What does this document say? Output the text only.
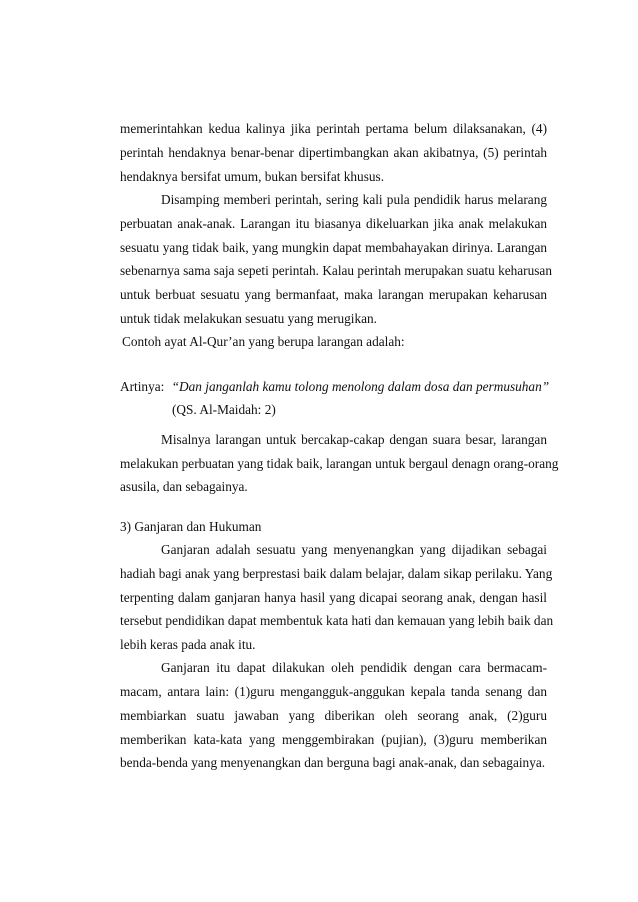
memerintahkan kedua kalinya jika perintah pertama belum dilaksanakan, (4)
perintah hendaknya benar-benar dipertimbangkan akan akibatnya, (5) perintah
hendaknya bersifat umum, bukan bersifat khusus.
Disamping memberi perintah, sering kali pula pendidik harus melarang
perbuatan anak-anak. Larangan itu biasanya dikeluarkan jika anak melakukan
sesuatu yang tidak baik, yang mungkin dapat membahayakan dirinya. Larangan
sebenarnya sama saja sepeti perintah. Kalau perintah merupakan suatu keharusan
untuk berbuat sesuatu yang bermanfaat, maka larangan merupakan keharusan
untuk tidak melakukan sesuatu yang merugikan.
Contoh ayat Al-Qur’an yang berupa larangan adalah:
Artinya: “Dan janganlah kamu tolong menolong dalam dosa dan permusuhan”
(QS. Al-Maidah: 2)
Misalnya larangan untuk bercakap-cakap dengan suara besar, larangan
melakukan perbuatan yang tidak baik, larangan untuk bergaul denagn orang-orang
asusila, dan sebagainya.
3) Ganjaran dan Hukuman
Ganjaran adalah sesuatu yang menyenangkan yang dijadikan sebagai
hadiah bagi anak yang berprestasi baik dalam belajar, dalam sikap perilaku. Yang
terpenting dalam ganjaran hanya hasil yang dicapai seorang anak, dengan hasil
tersebut pendidikan dapat membentuk kata hati dan kemauan yang lebih baik dan
lebih keras pada anak itu.
Ganjaran itu dapat dilakukan oleh pendidik dengan cara bermacam-
macam, antara lain: (1)guru mengangguk-anggukan kepala tanda senang dan
membiarkan suatu jawaban yang diberikan oleh seorang anak, (2)guru
memberikan kata-kata yang menggembirakan (pujian), (3)guru memberikan
benda-benda yang menyenangkan dan berguna bagi anak-anak, dan sebagainya.
